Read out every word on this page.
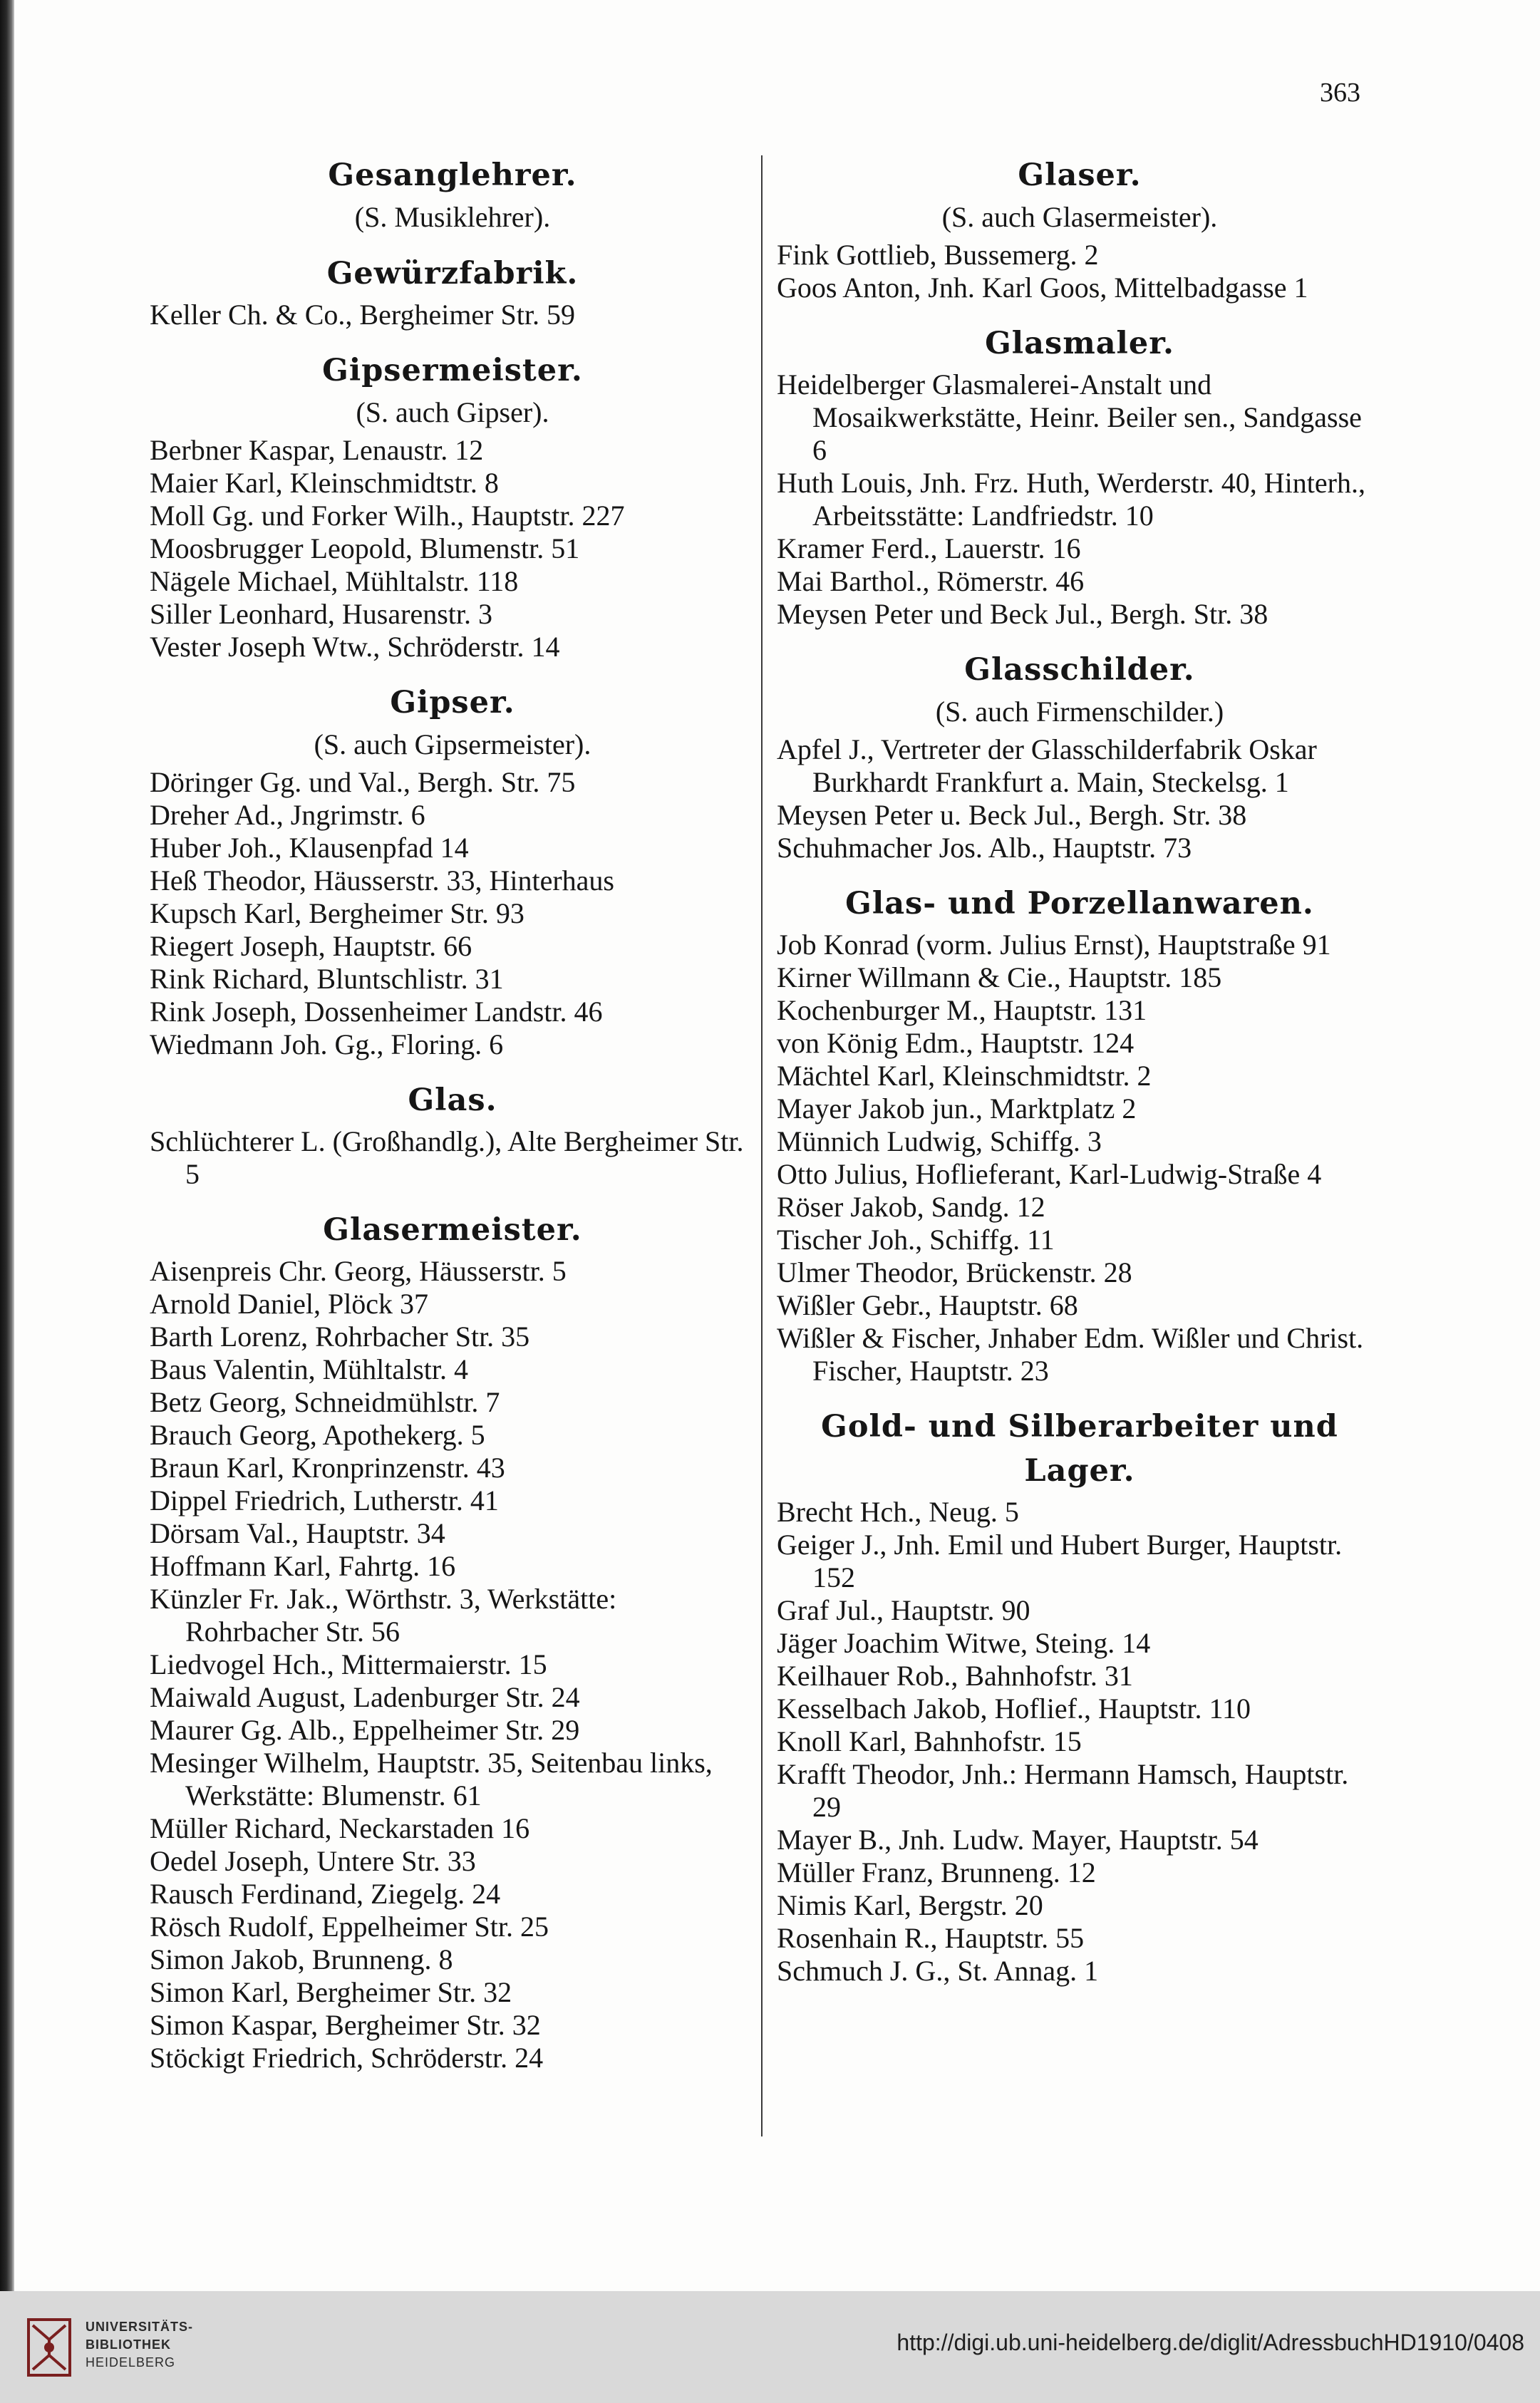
363
Gesanglehrer.
(S. Musiklehrer).
Gewürzfabrik.
Keller Ch. & Co., Bergheimer Str. 59
Gipsermeister.
(S. auch Gipser).
Berbner Kaspar, Lenaustr. 12
Maier Karl, Kleinschmidtstr. 8
Moll Gg. und Forker Wilh., Hauptstr. 227
Moosbrugger Leopold, Blumenstr. 51
Nägele Michael, Mühltalstr. 118
Siller Leonhard, Husarenstr. 3
Vester Joseph Wtw., Schröderstr. 14
Gipser.
(S. auch Gipsermeister).
Döringer Gg. und Val., Bergh. Str. 75
Dreher Ad., Jngrimstr. 6
Huber Joh., Klausenpfad 14
Heß Theodor, Häusserstr. 33, Hinterhaus
Kupsch Karl, Bergheimer Str. 93
Riegert Joseph, Hauptstr. 66
Rink Richard, Bluntschlistr. 31
Rink Joseph, Dossenheimer Landstr. 46
Wiedmann Joh. Gg., Floring. 6
Glas.
Schlüchterer L. (Großhandlg.), Alte Bergheimer Str. 5
Glasermeister.
Aisenpreis Chr. Georg, Häusserstr. 5
Arnold Daniel, Plöck 37
Barth Lorenz, Rohrbacher Str. 35
Baus Valentin, Mühltalstr. 4
Betz Georg, Schneidmühlstr. 7
Brauch Georg, Apothekerg. 5
Braun Karl, Kronprinzenstr. 43
Dippel Friedrich, Lutherstr. 41
Dörsam Val., Hauptstr. 34
Hoffmann Karl, Fahrtg. 16
Künzler Fr. Jak., Wörthstr. 3, Werkstätte: Rohrbacher Str. 56
Liedvogel Hch., Mittermaierstr. 15
Maiwald August, Ladenburger Str. 24
Maurer Gg. Alb., Eppelheimer Str. 29
Mesinger Wilhelm, Hauptstr. 35, Seitenbau links, Werkstätte: Blumenstr. 61
Müller Richard, Neckarstaden 16
Oedel Joseph, Untere Str. 33
Rausch Ferdinand, Ziegelg. 24
Rösch Rudolf, Eppelheimer Str. 25
Simon Jakob, Brunneng. 8
Simon Karl, Bergheimer Str. 32
Simon Kaspar, Bergheimer Str. 32
Stöckigt Friedrich, Schröderstr. 24
Glaser.
(S. auch Glasermeister).
Fink Gottlieb, Bussemerg. 2
Goos Anton, Jnh. Karl Goos, Mittelbadgasse 1
Glasmaler.
Heidelberger Glasmalerei-Anstalt und Mosaikwerkstätte, Heinr. Beiler sen., Sandgasse 6
Huth Louis, Jnh. Frz. Huth, Werderstr. 40, Hinterh., Arbeitsstätte: Landfriedstr. 10
Kramer Ferd., Lauerstr. 16
Mai Barthol., Römerstr. 46
Meysen Peter und Beck Jul., Bergh. Str. 38
Glasschilder.
(S. auch Firmenschilder.)
Apfel J., Vertreter der Glasschilderfabrik Oskar Burkhardt Frankfurt a. Main, Steckelsg. 1
Meysen Peter u. Beck Jul., Bergh. Str. 38
Schuhmacher Jos. Alb., Hauptstr. 73
Glas- und Porzellanwaren.
Job Konrad (vorm. Julius Ernst), Hauptstraße 91
Kirner Willmann & Cie., Hauptstr. 185
Kochenburger M., Hauptstr. 131
von König Edm., Hauptstr. 124
Mächtel Karl, Kleinschmidtstr. 2
Mayer Jakob jun., Marktplatz 2
Münnich Ludwig, Schiffg. 3
Otto Julius, Hoflieferant, Karl-Ludwig-Straße 4
Röser Jakob, Sandg. 12
Tischer Joh., Schiffg. 11
Ulmer Theodor, Brückenstr. 28
Wißler Gebr., Hauptstr. 68
Wißler & Fischer, Jnhaber Edm. Wißler und Christ. Fischer, Hauptstr. 23
Gold- und Silberarbeiter und Lager.
Brecht Hch., Neug. 5
Geiger J., Jnh. Emil und Hubert Burger, Hauptstr. 152
Graf Jul., Hauptstr. 90
Jäger Joachim Witwe, Steing. 14
Keilhauer Rob., Bahnhofstr. 31
Kesselbach Jakob, Hoflief., Hauptstr. 110
Knoll Karl, Bahnhofstr. 15
Krafft Theodor, Jnh.: Hermann Hamsch, Hauptstr. 29
Mayer B., Jnh. Ludw. Mayer, Hauptstr. 54
Müller Franz, Brunneng. 12
Nimis Karl, Bergstr. 20
Rosenhain R., Hauptstr. 55
Schmuch J. G., St. Annag. 1
UNIVERSITÄTS-
BIBLIOTHEK
HEIDELBERG
http://digi.ub.uni-heidelberg.de/diglit/AdressbuchHD1910/0408
